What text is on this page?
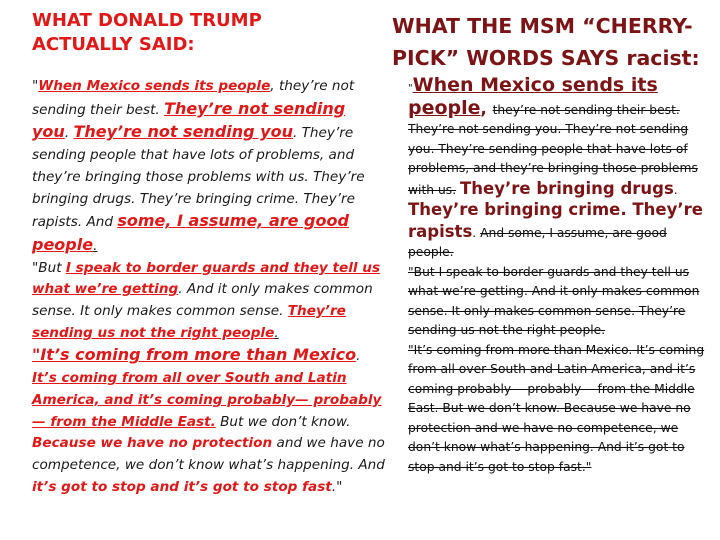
WHAT DONALD TRUMP
ACTUALLY SAID:
"When Mexico sends its people, they’re not sending their best. They’re not sending you. They’re not sending you. They’re sending people that have lots of problems, and they’re bringing those problems with us. They’re bringing drugs. They’re bringing crime. They’re rapists. And some, I assume, are good people.
"But I speak to border guards and they tell us what we’re getting. And it only makes common sense. It only makes common sense. They’re sending us not the right people.
"It’s coming from more than Mexico. It’s coming from all over South and Latin America, and it’s coming probably— probably— from the Middle East. But we don’t know. Because we have no protection and we have no competence, we don’t know what’s happening. And it’s got to stop and it’s got to stop fast."
WHAT THE MSM “CHERRY-
PICK” WORDS SAYS racist:
"When Mexico sends its people, they’re not sending their best. They’re not sending you. They’re not sending you. They’re sending people that have lots of problems, and they’re bringing those problems with us. They’re bringing drugs. They’re bringing crime. They’re rapists. And some, I assume, are good people.
"But I speak to border guards and they tell us what we’re getting. And it only makes common sense. It only makes common sense. They’re sending us not the right people.
"It’s coming from more than Mexico. It’s coming from all over South and Latin America, and it’s coming probably— probably— from the Middle East. But we don’t know. Because we have no protection and we have no competence, we don’t know what’s happening. And it’s got to stop and it’s got to stop fast."
